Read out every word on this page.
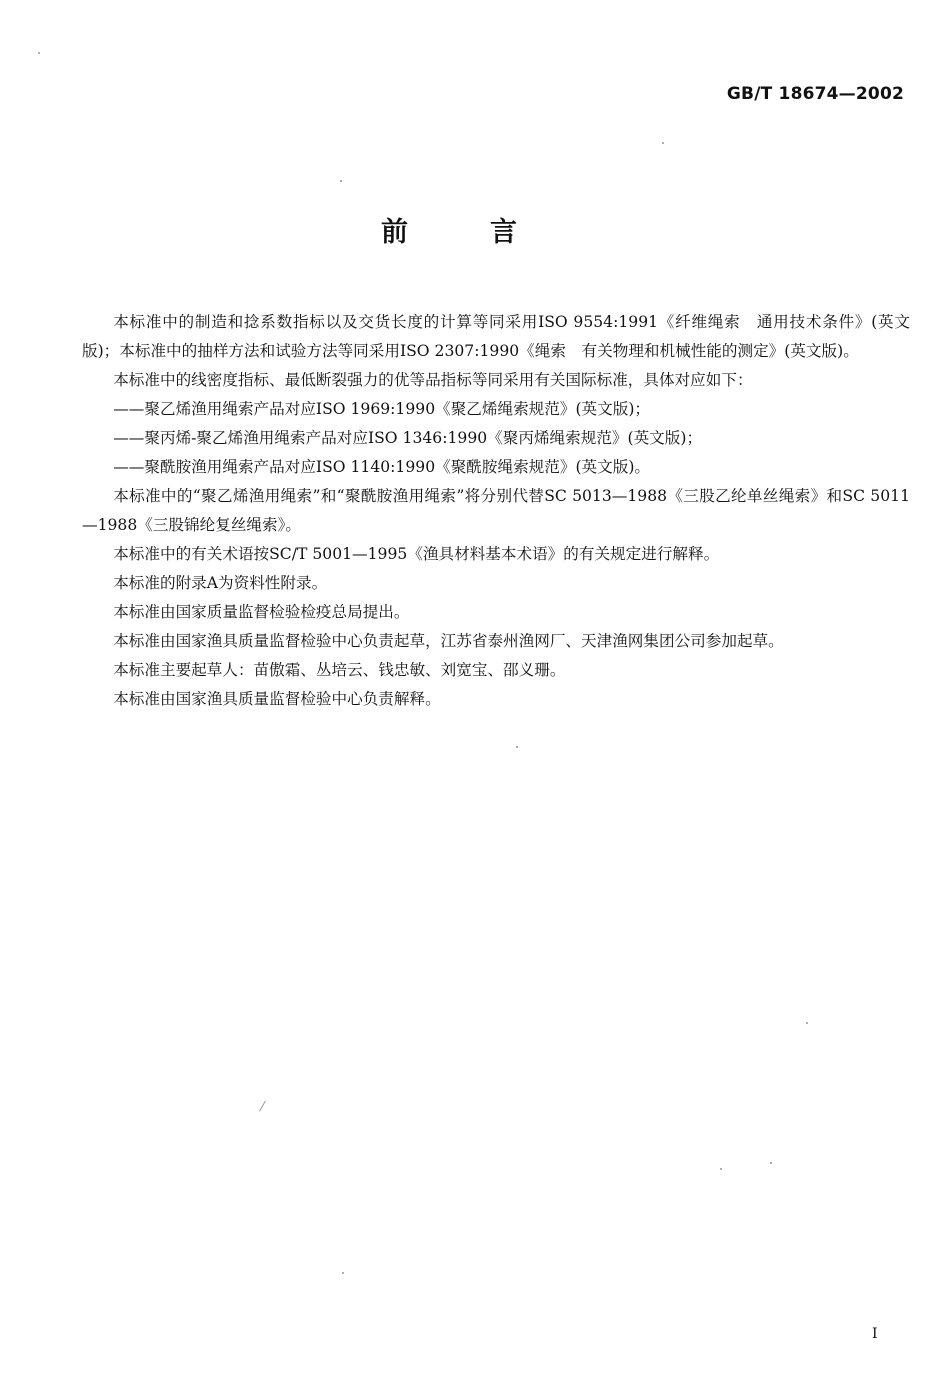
GB/T 18674—2002
前言

本标准中的制造和捻系数指标以及交货长度的计算等同采用ISO 9554:1991《纤维绳索　通用技术条件》(英文版)；本标准中的抽样方法和试验方法等同采用ISO 2307:1990《绳索　有关物理和机械性能的测定》(英文版)。

本标准中的线密度指标、最低断裂强力的优等品指标等同采用有关国际标准，具体对应如下：

——聚乙烯渔用绳索产品对应ISO 1969:1990《聚乙烯绳索规范》(英文版)；

——聚丙烯-聚乙烯渔用绳索产品对应ISO 1346:1990《聚丙烯绳索规范》(英文版)；

——聚酰胺渔用绳索产品对应ISO 1140:1990《聚酰胺绳索规范》(英文版)。

本标准中的“聚乙烯渔用绳索”和“聚酰胺渔用绳索”将分别代替SC 5013—1988《三股乙纶单丝绳索》和SC 5011—1988《三股锦纶复丝绳索》。

本标准中的有关术语按SC/T 5001—1995《渔具材料基本术语》的有关规定进行解释。

本标准的附录A为资料性附录。

本标准由国家质量监督检验检疫总局提出。

本标准由国家渔具质量监督检验中心负责起草，江苏省泰州渔网厂、天津渔网集团公司参加起草。

本标准主要起草人：苗傲霜、丛培云、钱忠敏、刘宽宝、邵义珊。

本标准由国家渔具质量监督检验中心负责解释。

I
